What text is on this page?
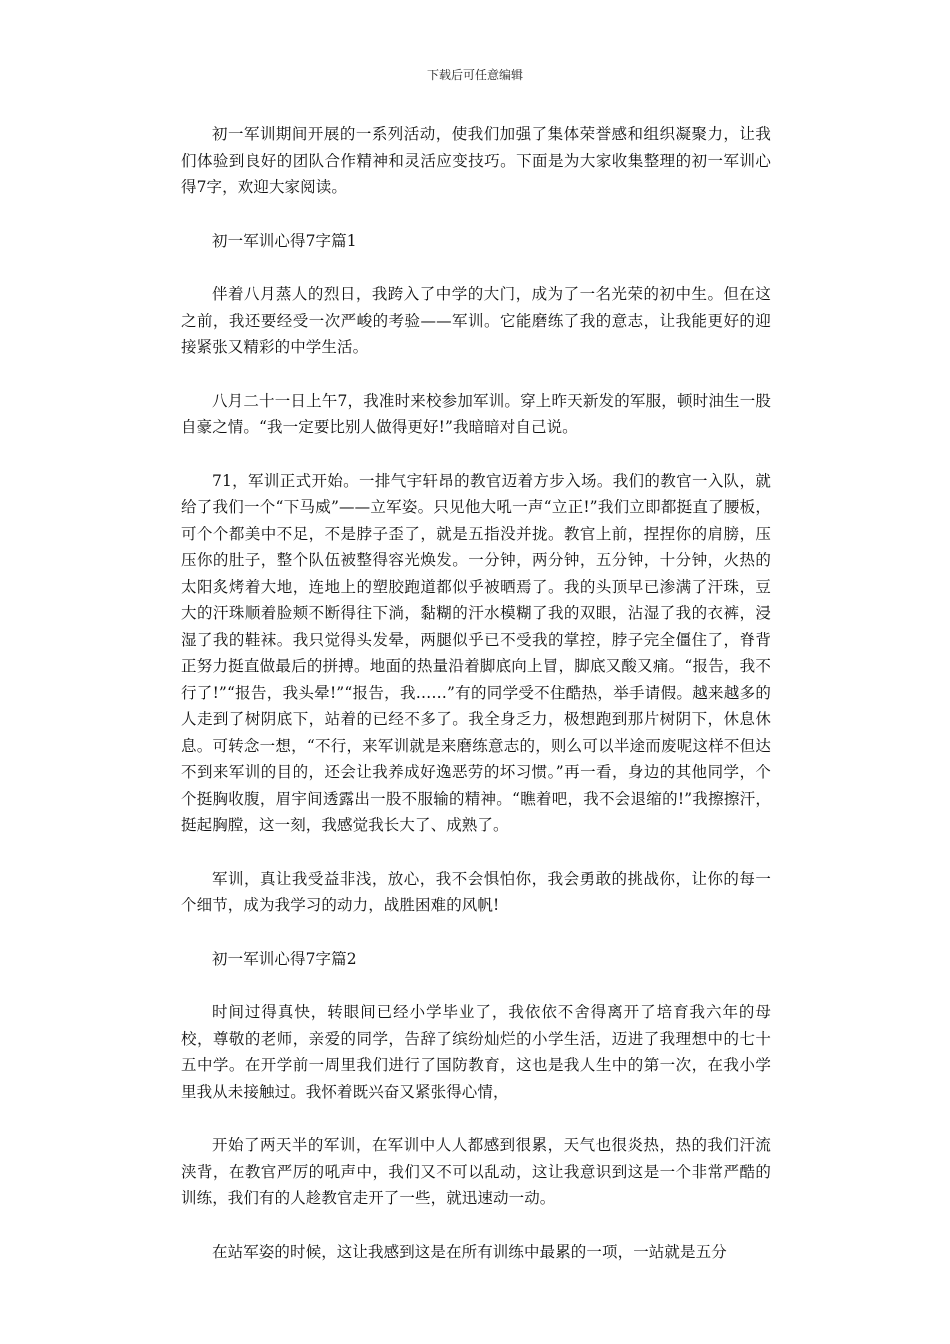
下载后可任意编辑

初一军训期间开展的一系列活动，使我们加强了集体荣誉感和组织凝聚力，让我们体验到良好的团队合作精神和灵活应变技巧。下面是为大家收集整理的初一军训心得7字，欢迎大家阅读。

初一军训心得7字篇1

伴着八月蒸人的烈日，我跨入了中学的大门，成为了一名光荣的初中生。但在这之前，我还要经受一次严峻的考验——军训。它能磨练了我的意志，让我能更好的迎接紧张又精彩的中学生活。

八月二十一日上午7，我准时来校参加军训。穿上昨天新发的军服，顿时油生一股自豪之情。“我一定要比别人做得更好!”我暗暗对自己说。

71，军训正式开始。一排气宇轩昂的教官迈着方步入场。我们的教官一入队，就给了我们一个“下马威”——立军姿。只见他大吼一声“立正!”我们立即都挺直了腰板，可个个都美中不足，不是脖子歪了，就是五指没并拢。教官上前，捏捏你的肩膀，压压你的肚子，整个队伍被整得容光焕发。一分钟，两分钟，五分钟，十分钟，火热的太阳炙烤着大地，连地上的塑胶跑道都似乎被晒焉了。我的头顶早已渗满了汗珠，豆大的汗珠顺着脸颊不断得往下淌，黏糊的汗水模糊了我的双眼，沾湿了我的衣裤，浸湿了我的鞋袜。我只觉得头发晕，两腿似乎已不受我的掌控，脖子完全僵住了，脊背正努力挺直做最后的拼搏。地面的热量沿着脚底向上冒，脚底又酸又痛。“报告，我不行了!”“报告，我头晕!”“报告，我……”有的同学受不住酷热，举手请假。越来越多的人走到了树阴底下，站着的已经不多了。我全身乏力，极想跑到那片树阴下，休息休息。可转念一想，“不行，来军训就是来磨练意志的，则么可以半途而废呢这样不但达不到来军训的目的，还会让我养成好逸恶劳的坏习惯。”再一看，身边的其他同学，个个挺胸收腹，眉宇间透露出一股不服输的精神。“瞧着吧，我不会退缩的!”我擦擦汗，挺起胸膛，这一刻，我感觉我长大了、成熟了。

军训，真让我受益非浅，放心，我不会惧怕你，我会勇敢的挑战你，让你的每一个细节，成为我学习的动力，战胜困难的风帆!

初一军训心得7字篇2

时间过得真快，转眼间已经小学毕业了，我依依不舍得离开了培育我六年的母校，尊敬的老师，亲爱的同学，告辞了缤纷灿烂的小学生活，迈进了我理想中的七十五中学。在开学前一周里我们进行了国防教育，这也是我人生中的第一次，在我小学里我从未接触过。我怀着既兴奋又紧张得心情，

开始了两天半的军训，在军训中人人都感到很累，天气也很炎热，热的我们汗流浃背，在教官严厉的吼声中，我们又不可以乱动，这让我意识到这是一个非常严酷的训练，我们有的人趁教官走开了一些，就迅速动一动。

在站军姿的时候，这让我感到这是在所有训练中最累的一项，一站就是五分
